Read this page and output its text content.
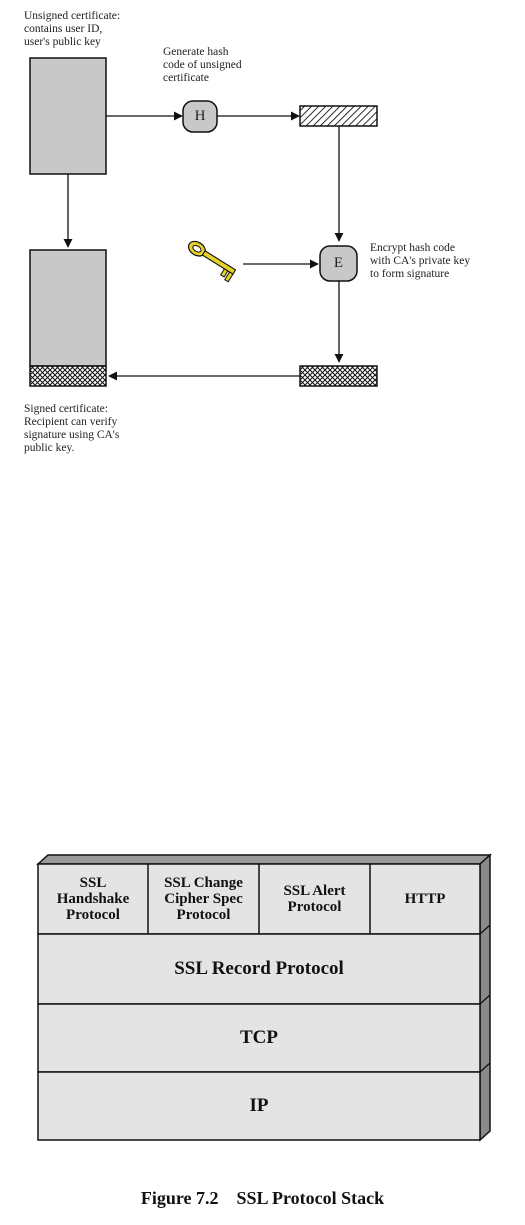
H
E
Unsigned certificate:
contains user ID,
user's public key
Generate hash
code of unsigned
certificate
Encrypt hash code
with CA's private key
to form signature
Signed certificate:
Recipient can verify
signature using CA's
public key.
SSL
Handshake
Protocol
SSL Change
Cipher Spec
Protocol
SSL Alert
Protocol	HTTP
SSL Record Protocol
TCP
IP
Figure 7.2    SSL Protocol Stack
